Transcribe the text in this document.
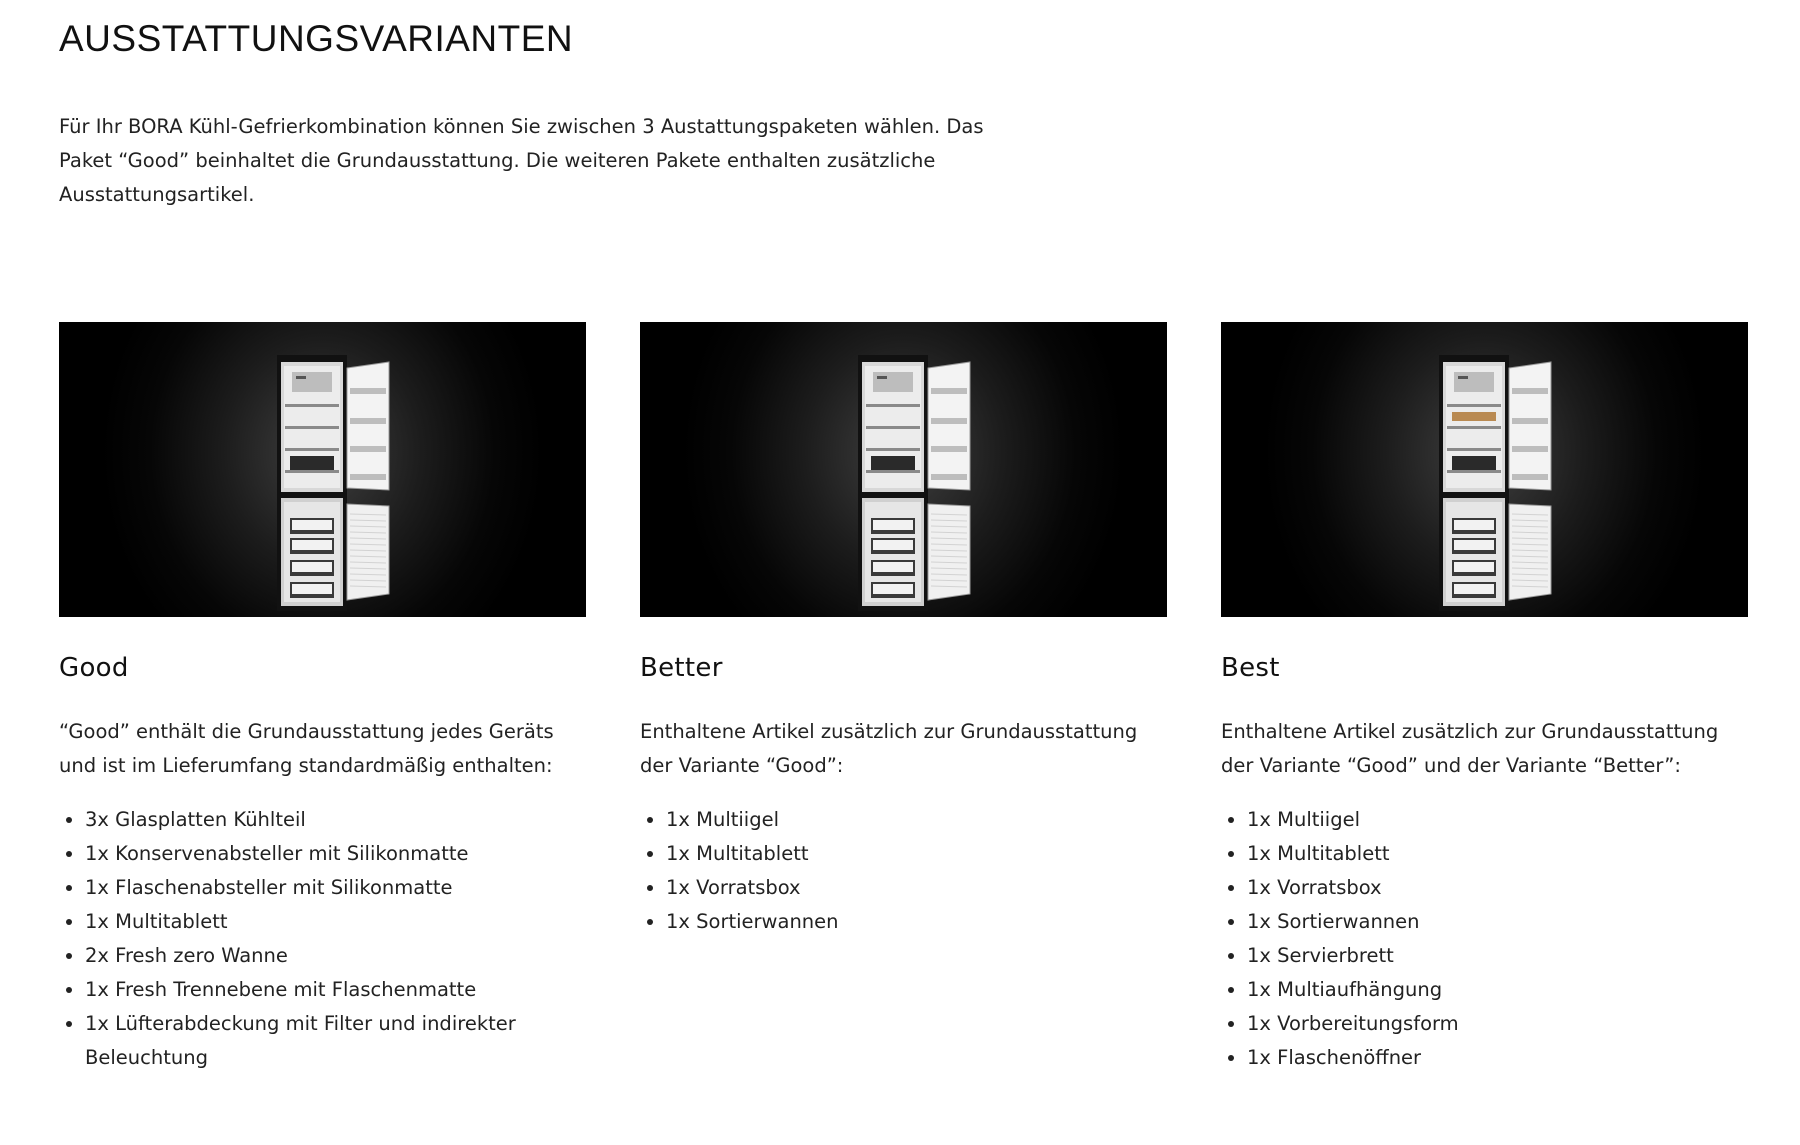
AUSSTATTUNGSVARIANTEN

Für Ihr BORA Kühl-Gefrierkombination können Sie zwischen 3 Austattungspaketen wählen. Das Paket “Good” beinhaltet die Grundausstattung. Die weiteren Pakete enthalten zusätzliche Ausstattungsartikel.

Good

“Good” enthält die Grundausstattung jedes Geräts und ist im Lieferumfang standardmäßig enthalten:

• 3x Glasplatten Kühlteil
• 1x Konservenabsteller mit Silikonmatte
• 1x Flaschenabsteller mit Silikonmatte
• 1x Multitablett
• 2x Fresh zero Wanne
• 1x Fresh Trennebene mit Flaschenmatte
• 1x Lüfterabdeckung mit Filter und indirekter Beleuchtung
Better

Enthaltene Artikel zusätzlich zur Grundausstattung der Variante “Good”:

• 1x Multiigel
• 1x Multitablett
• 1x Vorratsbox
• 1x Sortierwannen
Best

Enthaltene Artikel zusätzlich zur Grundausstattung der Variante “Good” und der Variante “Better”:

• 1x Multiigel
• 1x Multitablett
• 1x Vorratsbox
• 1x Sortierwannen
• 1x Servierbrett
• 1x Multiaufhängung
• 1x Vorbereitungsform
• 1x Flaschenöffner
